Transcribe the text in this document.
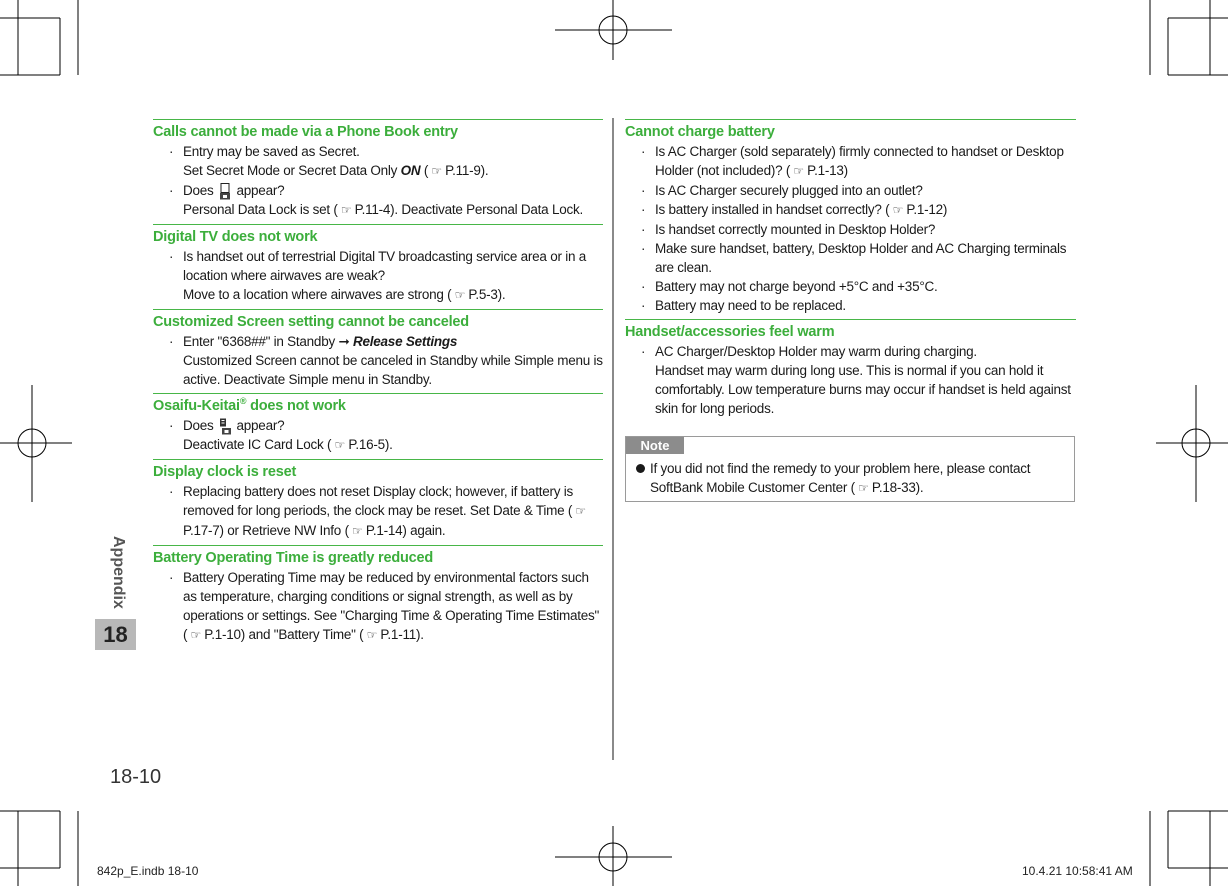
Calls cannot be made via a Phone Book entry
· Entry may be saved as Secret.

Set Secret Mode or Secret Data Only ON ( ☞ P.11-9).

· Does
appear?

Personal Data Lock is set ( ☞ P.11-4). Deactivate Personal Data Lock.

Digital TV does not work
· Is handset out of terrestrial Digital TV broadcasting service area or in a location where airwaves are weak?

Move to a location where airwaves are strong ( ☞ P.5-3).

Customized Screen setting cannot be canceled
· Enter "6368##" in Standby ➞ Release Settings

Customized Screen cannot be canceled in Standby while Simple menu is active. Deactivate Simple menu in Standby.

Osaifu-Keitai® does not work
· Does
appear?

Deactivate IC Card Lock ( ☞ P.16-5).

Display clock is reset
· Replacing battery does not reset Display clock; however, if battery is removed for long periods, the clock may be reset. Set Date & Time ( ☞P.17-7) or Retrieve NW Info ( ☞ P.1-14) again.

Battery Operating Time is greatly reduced
· Battery Operating Time may be reduced by environmental factors such as temperature, charging conditions or signal strength, as well as by operations or settings. See "Charging Time & Operating Time Estimates" ( ☞ P.1-10) and "Battery Time" ( ☞ P.1-11).

Cannot charge battery
· Is AC Charger (sold separately) firmly connected to handset or Desktop Holder (not included)? ( ☞ P.1-13)

· Is AC Charger securely plugged into an outlet?

· Is battery installed in handset correctly? ( ☞ P.1-12)

· Is handset correctly mounted in Desktop Holder?

· Make sure handset, battery, Desktop Holder and AC Charging terminals are clean.

· Battery may not charge beyond +5°C and +35°C.

· Battery may need to be replaced.

Handset/accessories feel warm
· AC Charger/Desktop Holder may warm during charging.

Handset may warm during long use. This is normal if you can hold it comfortably. Low temperature burns may occur if handset is held against skin for long periods.

Note
If you did not find the remedy to your problem here, please contact SoftBank Mobile Customer Center ( ☞ P.18-33).
Appendix
18
18-10
842p_E.indb 18-10	10.4.21 10:58:41 AM
